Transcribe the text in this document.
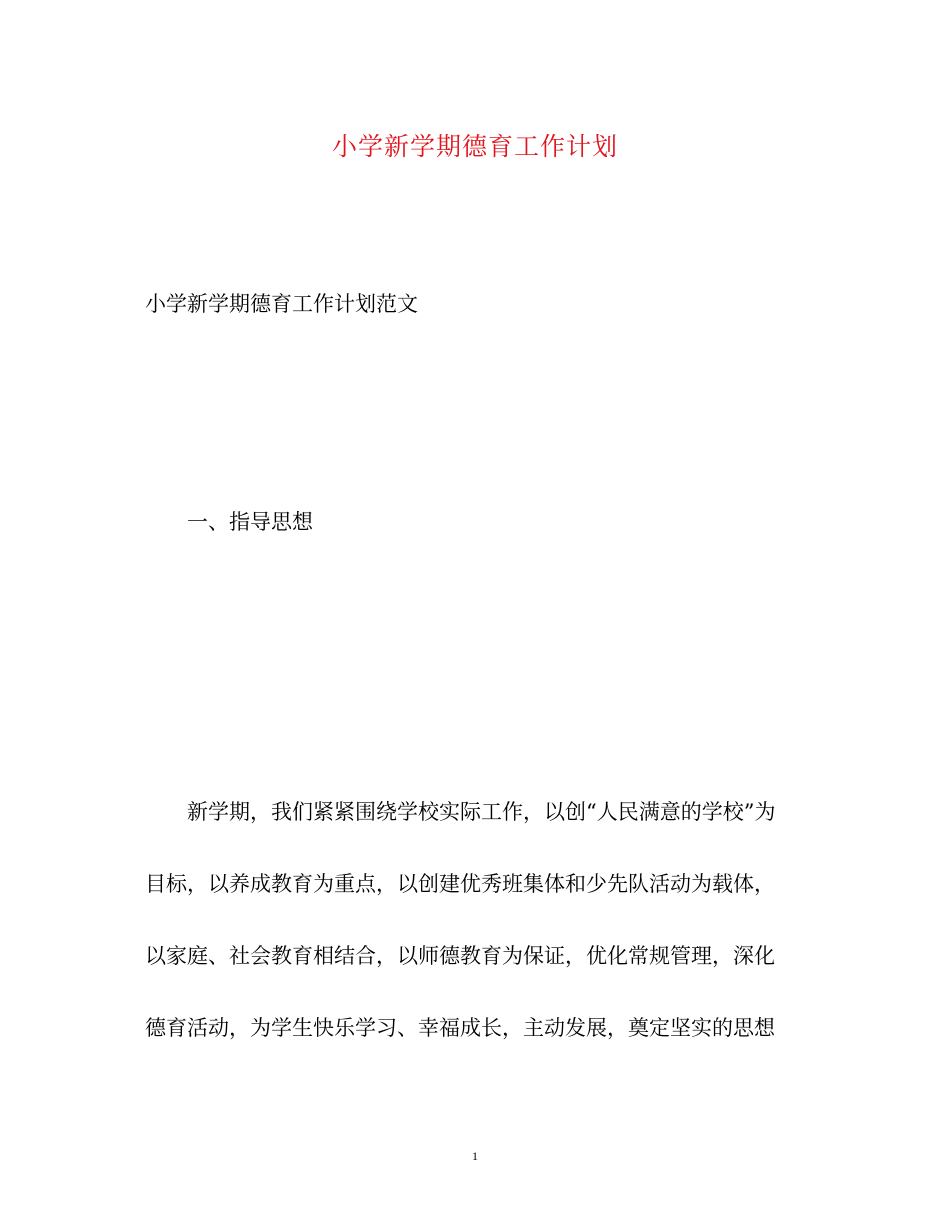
小学新学期德育工作计划
小学新学期德育工作计划范文
一、指导思想
新学期，我们紧紧围绕学校实际工作，以创“人民满意的学校”为
目标，以养成教育为重点，以创建优秀班集体和少先队活动为载体，
以家庭、社会教育相结合，以师德教育为保证，优化常规管理，深化
德育活动，为学生快乐学习、幸福成长，主动发展，奠定坚实的思想
1
